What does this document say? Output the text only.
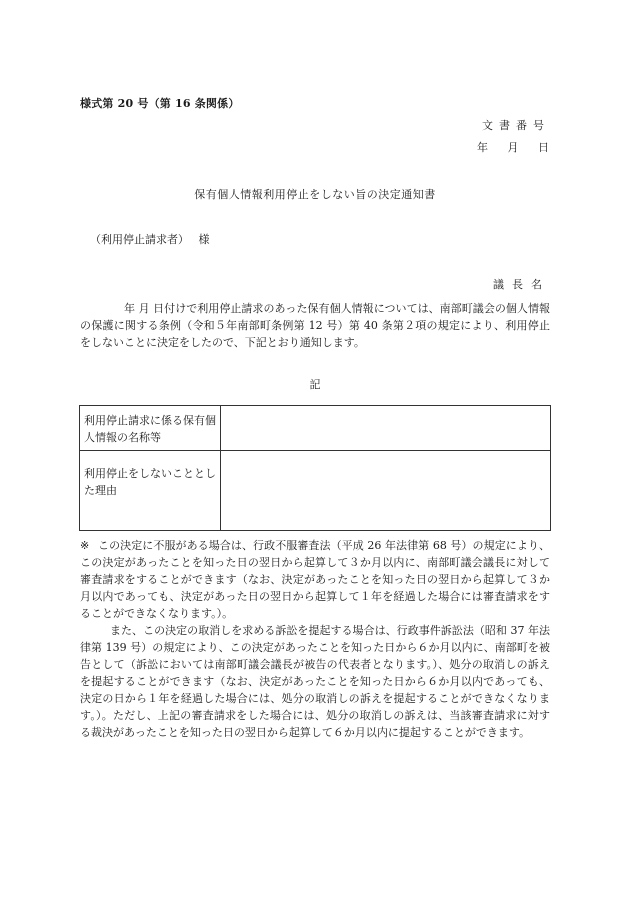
様式第 20 号（第 16 条関係）
文書番号
年 月 日
保有個人情報利用停止をしない旨の決定通知書
（利用停止請求者） 様
議長名
年 月 日付けで利用停止請求のあった保有個人情報については、南部町議会の個人情報の保護に関する条例（令和５年南部町条例第 12 号）第 40 条第２項の規定により、利用停止をしないことに決定をしたので、下記とおり通知します。
記
利用停止請求に係る保有個人情報の名称等	
利用停止をしないこととした理由	
※ この決定に不服がある場合は、行政不服審査法（平成 26 年法律第 68 号）の規定により、この決定があったことを知った日の翌日から起算して３か月以内に、南部町議会議長に対して審査請求をすることができます（なお、決定があったことを知った日の翌日から起算して３か月以内であっても、決定があった日の翌日から起算して１年を経過した場合には審査請求をすることができなくなります。）。

また、この決定の取消しを求める訴訟を提起する場合は、行政事件訴訟法（昭和 37 年法律第 139 号）の規定により、この決定があったことを知った日から６か月以内に、南部町を被告として（訴訟においては南部町議会議長が被告の代表者となります。）、処分の取消しの訴えを提起することができます（なお、決定があったことを知った日から６か月以内であっても、決定の日から１年を経過した場合には、処分の取消しの訴えを提起することができなくなります。）。ただし、上記の審査請求をした場合には、処分の取消しの訴えは、当該審査請求に対する裁決があったことを知った日の翌日から起算して６か月以内に提起することができます。
